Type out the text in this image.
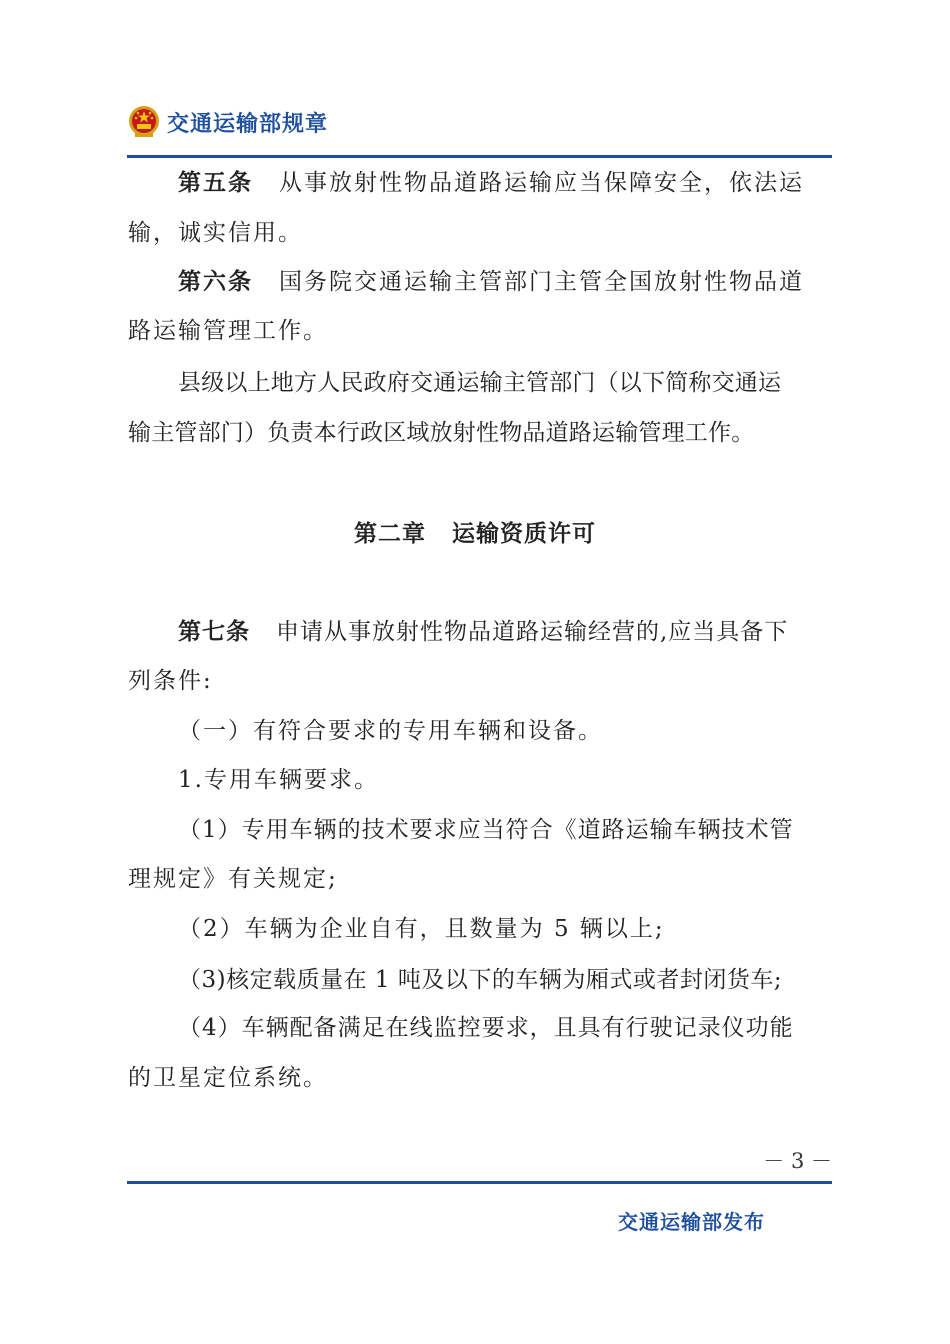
交通运输部规章
第五条 从事放射性物品道路运输应当保障安全，依法运
输，诚实信用。
第六条 国务院交通运输主管部门主管全国放射性物品道
路运输管理工作。
县级以上地方人民政府交通运输主管部门（以下简称交通运
输主管部门）负责本行政区域放射性物品道路运输管理工作。
第二章 运输资质许可
第七条 申请从事放射性物品道路运输经营的,应当具备下
列条件:
（一）有符合要求的专用车辆和设备。
1.专用车辆要求。
（1）专用车辆的技术要求应当符合《道路运输车辆技术管
理规定》有关规定;
（2）车辆为企业自有，且数量为 5 辆以上;
（3)核定载质量在 1 吨及以下的车辆为厢式或者封闭货车;
（4）车辆配备满足在线监控要求，且具有行驶记录仪功能
的卫星定位系统。
－ 3 －
交通运输部发布
